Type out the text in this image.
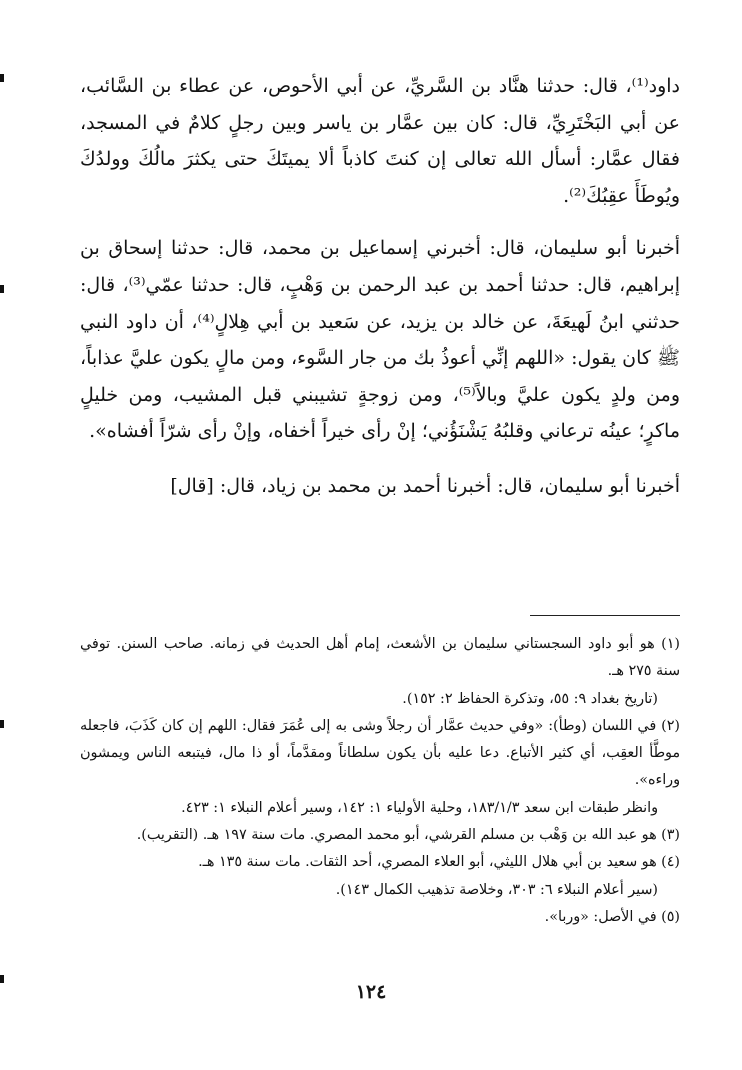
داود⁽¹⁾، قال: حدثنا هنَّاد بن السَّريِّ، عن أبي الأحوص، عن عطاء بن السَّائب، عن أبي البَخْتَرِيِّ، قال: كان بين عمَّار بن ياسر وبين رجلٍ كلامٌ في المسجد، فقال عمَّار: أسأل الله تعالى إن كنتَ كاذباً ألا يميتَكَ حتى يكثرَ مالُكَ وولدُكَ ويُوطَأَ عقِبُكَ⁽²⁾.

أخبرنا أبو سليمان، قال: أخبرني إسماعيل بن محمد، قال: حدثنا إسحاق بن إبراهيم، قال: حدثنا أحمد بن عبد الرحمن بن وَهْبٍ، قال: حدثنا عمّي⁽³⁾، قال: حدثني ابنُ لَهيعَةَ، عن خالد بن يزيد، عن سَعيد بن أبي هِلالٍ⁽⁴⁾، أن داود النبي ﷺ كان يقول: «اللهم إنِّي أعوذُ بك من جار السَّوء، ومن مالٍ يكون عليَّ عذاباً، ومن ولدٍ يكون عليَّ وبالاً⁽⁵⁾، ومن زوجةٍ تشيبني قبل المشيب، ومن خليلٍ ماكرٍ؛ عينُه ترعاني وقلبُهُ يَشْنَؤُني؛ إنْ رأى خيراً أخفاه، وإنْ رأى شرّاً أفشاه».

أخبرنا أبو سليمان، قال: أخبرنا أحمد بن محمد بن زياد، قال: [قال]

(١) هو أبو داود السجستاني سليمان بن الأشعث، إمام أهل الحديث في زمانه. صاحب السنن. توفي سنة ٢٧٥ هـ.

(تاريخ بغداد ٩: ٥٥، وتذكرة الحفاظ ٢: ١٥٢).

(٢) في اللسان (وطأ): «وفي حديث عمَّار أن رجلاً وشى به إلى عُمَرَ فقال: اللهم إن كان كَذَبَ، فاجعله موطَّأ العقِب، أي كثير الأتباع. دعا عليه بأن يكون سلطاناً ومقدَّماً، أو ذا مال، فيتبعه الناس ويمشون وراءه».

وانظر طبقات ابن سعد ١٨٣/١/٣، وحلية الأولياء ١: ١٤٢، وسير أعلام النبلاء ١: ٤٢٣.

(٣) هو عبد الله بن وَهْب بن مسلم القرشي، أبو محمد المصري. مات سنة ١٩٧ هـ. (التقريب).

(٤) هو سعيد بن أبي هلال الليثي، أبو العلاء المصري، أحد الثقات. مات سنة ١٣٥ هـ.

(سير أعلام النبلاء ٦: ٣٠٣، وخلاصة تذهيب الكمال ١٤٣).

(٥) في الأصل: «وربا».

١٢٤
